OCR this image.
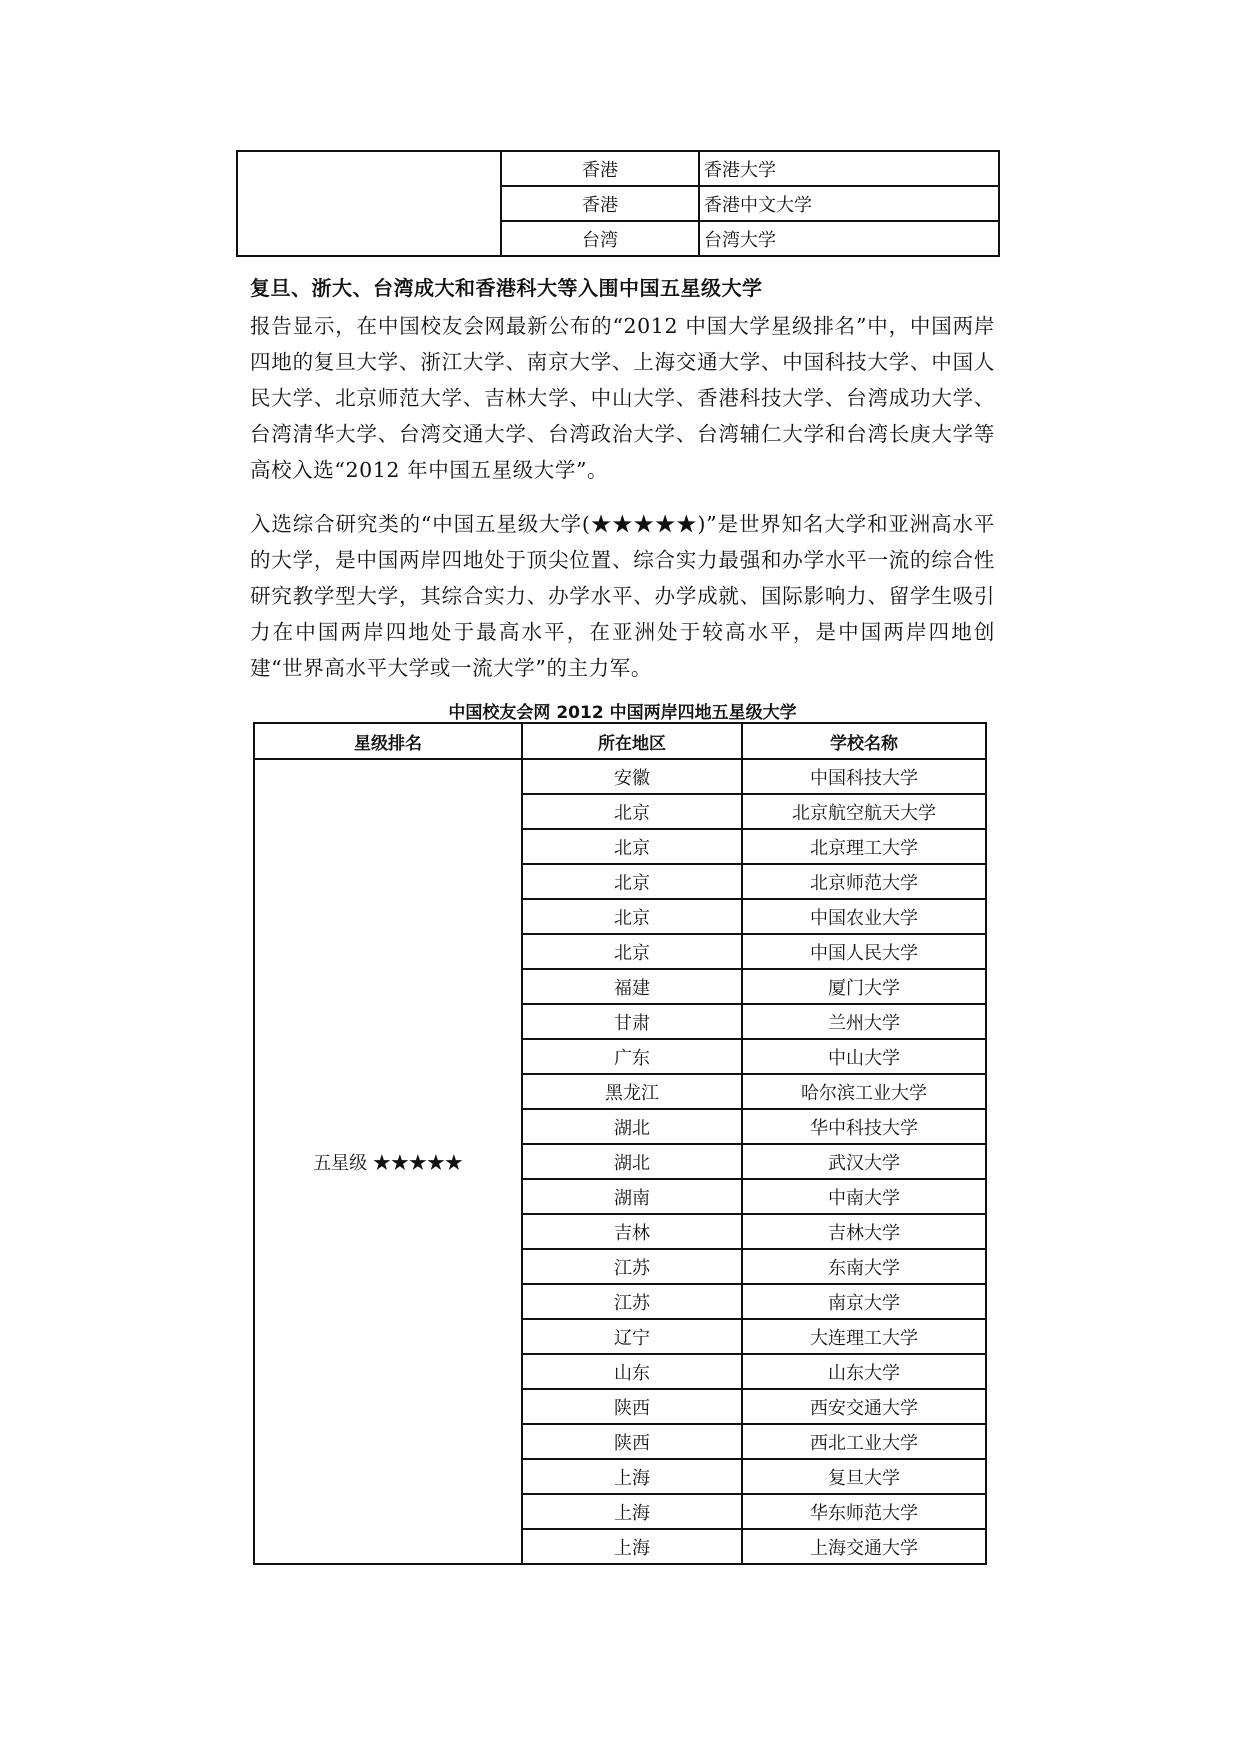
	香港	香港大学
	香港	香港中文大学
	台湾	台湾大学
复旦、浙大、台湾成大和香港科大等入围中国五星级大学

报告显示，在中国校友会网最新公布的“2012 中国大学星级排名”中，中国两岸四地的复旦大学、浙江大学、南京大学、上海交通大学、中国科技大学、中国人民大学、北京师范大学、吉林大学、中山大学、香港科技大学、台湾成功大学、台湾清华大学、台湾交通大学、台湾政治大学、台湾辅仁大学和台湾长庚大学等高校入选“2012 年中国五星级大学”。

入选综合研究类的“中国五星级大学(★★★★★)”是世界知名大学和亚洲高水平的大学，是中国两岸四地处于顶尖位置、综合实力最强和办学水平一流的综合性研究教学型大学，其综合实力、办学水平、办学成就、国际影响力、留学生吸引力在中国两岸四地处于最高水平，在亚洲处于较高水平，是中国两岸四地创建“世界高水平大学或一流大学”的主力军。

中国校友会网 2012 中国两岸四地五星级大学

星级排名	所在地区	学校名称
五星级 ★★★★★	安徽	中国科技大学
	北京	北京航空航天大学
	北京	北京理工大学
	北京	北京师范大学
	北京	中国农业大学
	北京	中国人民大学
	福建	厦门大学
	甘肃	兰州大学
	广东	中山大学
	黑龙江	哈尔滨工业大学
	湖北	华中科技大学
	湖北	武汉大学
	湖南	中南大学
	吉林	吉林大学
	江苏	东南大学
	江苏	南京大学
	辽宁	大连理工大学
	山东	山东大学
	陕西	西安交通大学
	陕西	西北工业大学
	上海	复旦大学
	上海	华东师范大学
	上海	上海交通大学
